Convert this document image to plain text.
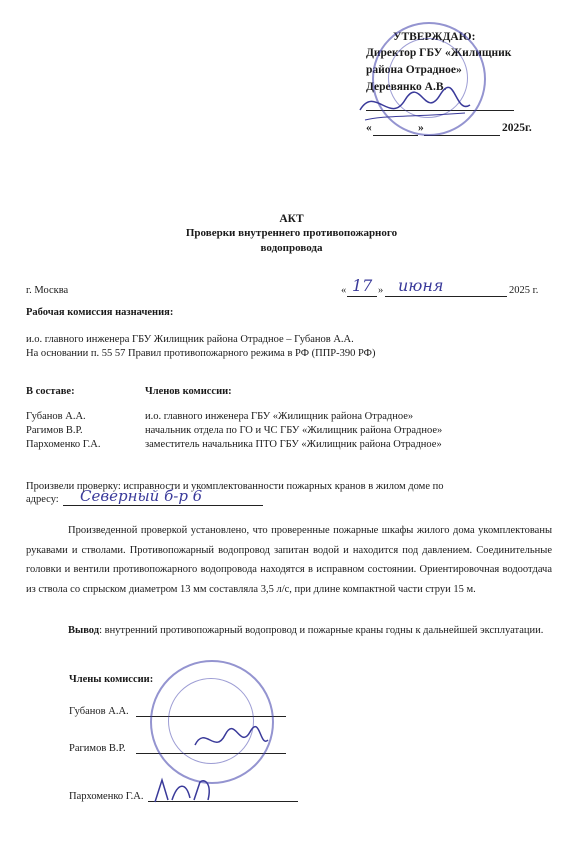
УТВЕРЖДАЮ:
Директор ГБУ «Жилищник
района Отрадное»
Деревянко А.В.
«	»	2025г.
АКТ
Проверки внутреннего противопожарного
водопровода
г. Москва	« 17 » июня	2025 г.
Рабочая комиссия назначения:
и.о. главного инженера ГБУ Жилищник района Отрадное – Губанов А.А.
На основании п. 55 57 Правил противопожарного режима в РФ (ППР-390 РФ)
В составе:	Членов комиссии:
Губанов А.А.	и.о. главного инженера ГБУ «Жилищник района Отрадное»
Рагимов В.Р.	начальник отдела по ГО и ЧС ГБУ «Жилищник района Отрадное»
Пархоменко Г.А.	заместитель начальника ПТО ГБУ «Жилищник района Отрадное»
Произвели проверку: исправности и укомплектованности пожарных кранов в жилом доме по
адресу: Северный б-р 6
Произведенной проверкой установлено, что проверенные пожарные шкафы жилого дома укомплектованы рукавами и стволами. Противопожарный водопровод запитан водой и находится под давлением. Соединительные головки и вентили противопожарного водопровода находятся в исправном состоянии. Ориентировочная водоотдача из ствола со спрыском диаметром 13 мм составляла 3,5 л/с, при длине компактной части струи 15 м.
Вывод: внутренний противопожарный водопровод и пожарные краны годны к дальнейшей эксплуатации.
Члены комиссии:
Губанов А.А.
Рагимов В.Р.
Пархоменко Г.А.
